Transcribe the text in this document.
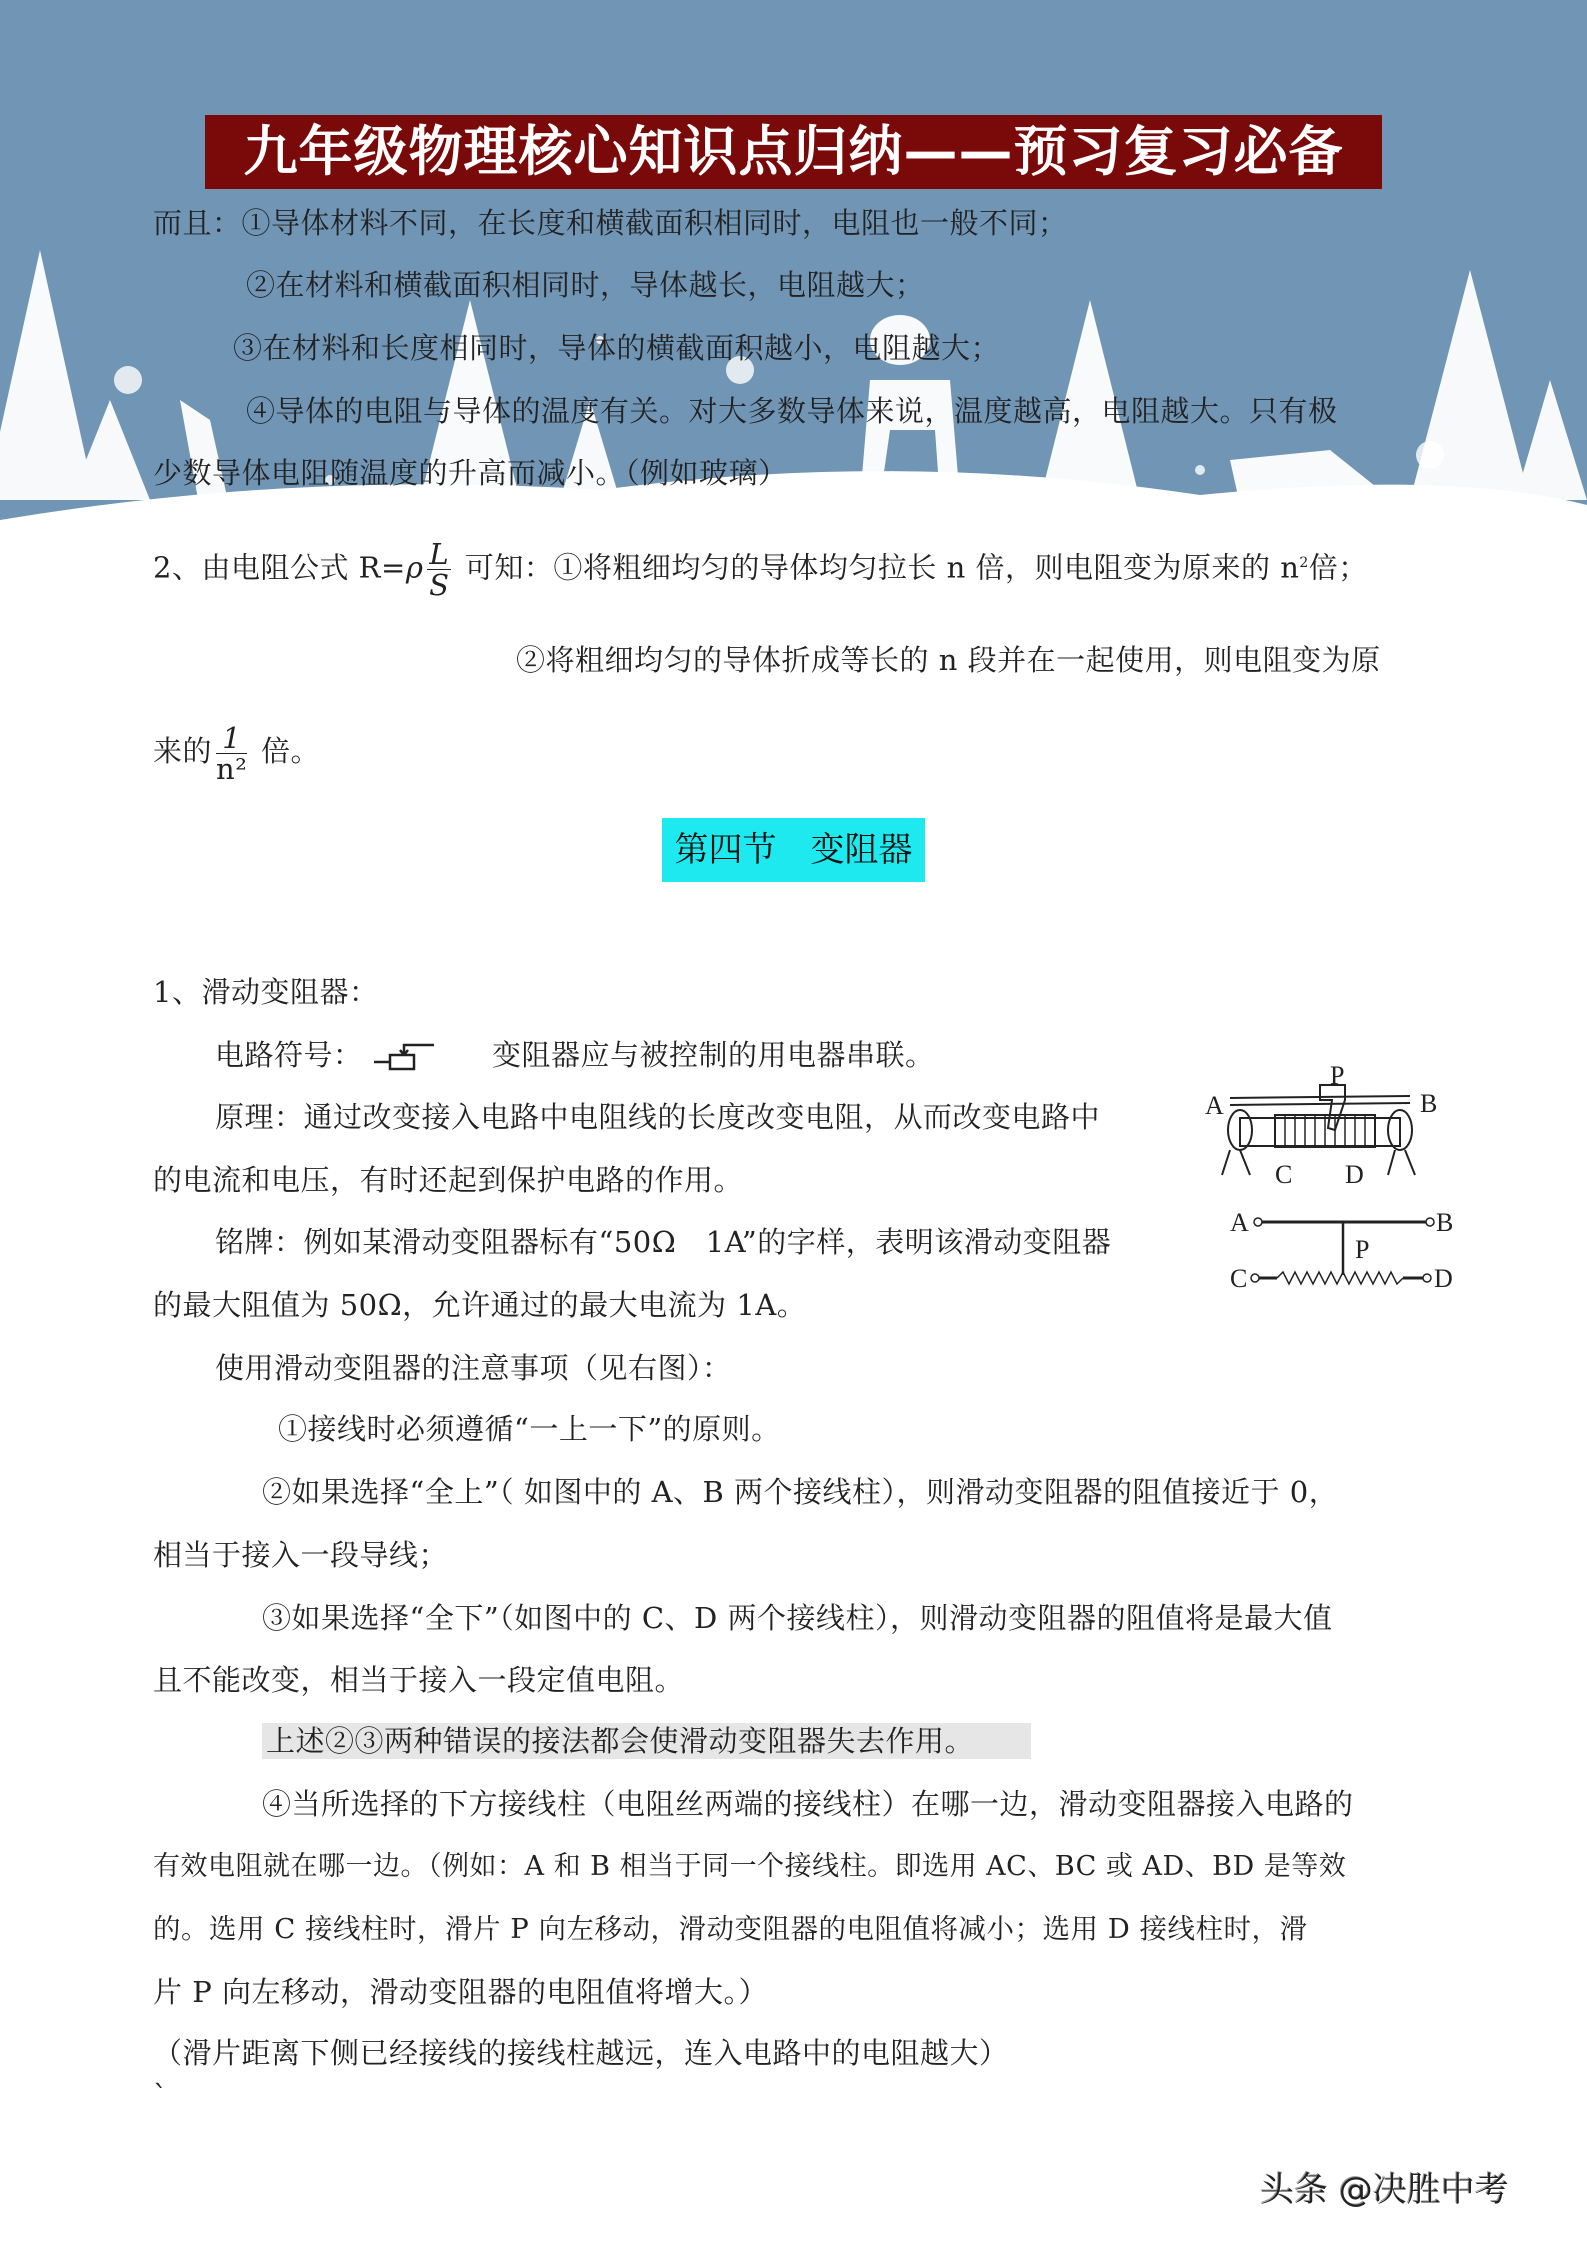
九年级物理核心知识点归纳——预习复习必备
而且：①导体材料不同，在长度和横截面积相同时，电阻也一般不同；
②在材料和横截面积相同时，导体越长，电阻越大；
③在材料和长度相同时，导体的横截面积越小，电阻越大；
④导体的电阻与导体的温度有关。对大多数导体来说，温度越高，电阻越大。只有极
少数导体电阻随温度的升高而减小。（例如玻璃）
2、由电阻公式 $R=\rho \frac{L}{S}$ 可知：①将粗细均匀的导体均匀拉长 n 倍，则电阻变为原来的 $n^2$倍；
②将粗细均匀的导体折成等长的 n 段并在一起使用，则电阻变为原
来的 $\frac{1}{\text{n²}}$ 倍。
第四节　变阻器
1、滑动变阻器：
电路符号：	变阻器应与被控制的用电器串联。
原理：通过改变接入电路中电阻线的长度改变电阻，从而改变电路中
的电流和电压，有时还起到保护电路的作用。
铭牌：例如某滑动变阻器标有“50Ω　1A”的字样，表明该滑动变阻器
的最大阻值为 50Ω，允许通过的最大电流为 1A。
使用滑动变阻器的注意事项（见右图）：
①接线时必须遵循“一上一下”的原则。
②如果选择“全上”（ 如图中的 A、B 两个接线柱），则滑动变阻器的阻值接近于 0，
相当于接入一段导线；
③如果选择“全下”（如图中的 C、D 两个接线柱），则滑动变阻器的阻值将是最大值
且不能改变，相当于接入一段定值电阻。
上述②③两种错误的接法都会使滑动变阻器失去作用。
④当所选择的下方接线柱（电阻丝两端的接线柱）在哪一边，滑动变阻器接入电路的
有效电阻就在哪一边。（例如：A 和 B 相当于同一个接线柱。即选用 AC、BC 或 AD、BD 是等效
的。选用 C 接线柱时，滑片 P 向左移动，滑动变阻器的电阻值将减小；选用 D 接线柱时，滑
片 P 向左移动，滑动变阻器的电阻值将增大。）
（滑片距离下侧已经接线的接线柱越远，连入电路中的电阻越大）
`
P
A	B
C D
A	B
P
C	D
头条 @决胜中考
